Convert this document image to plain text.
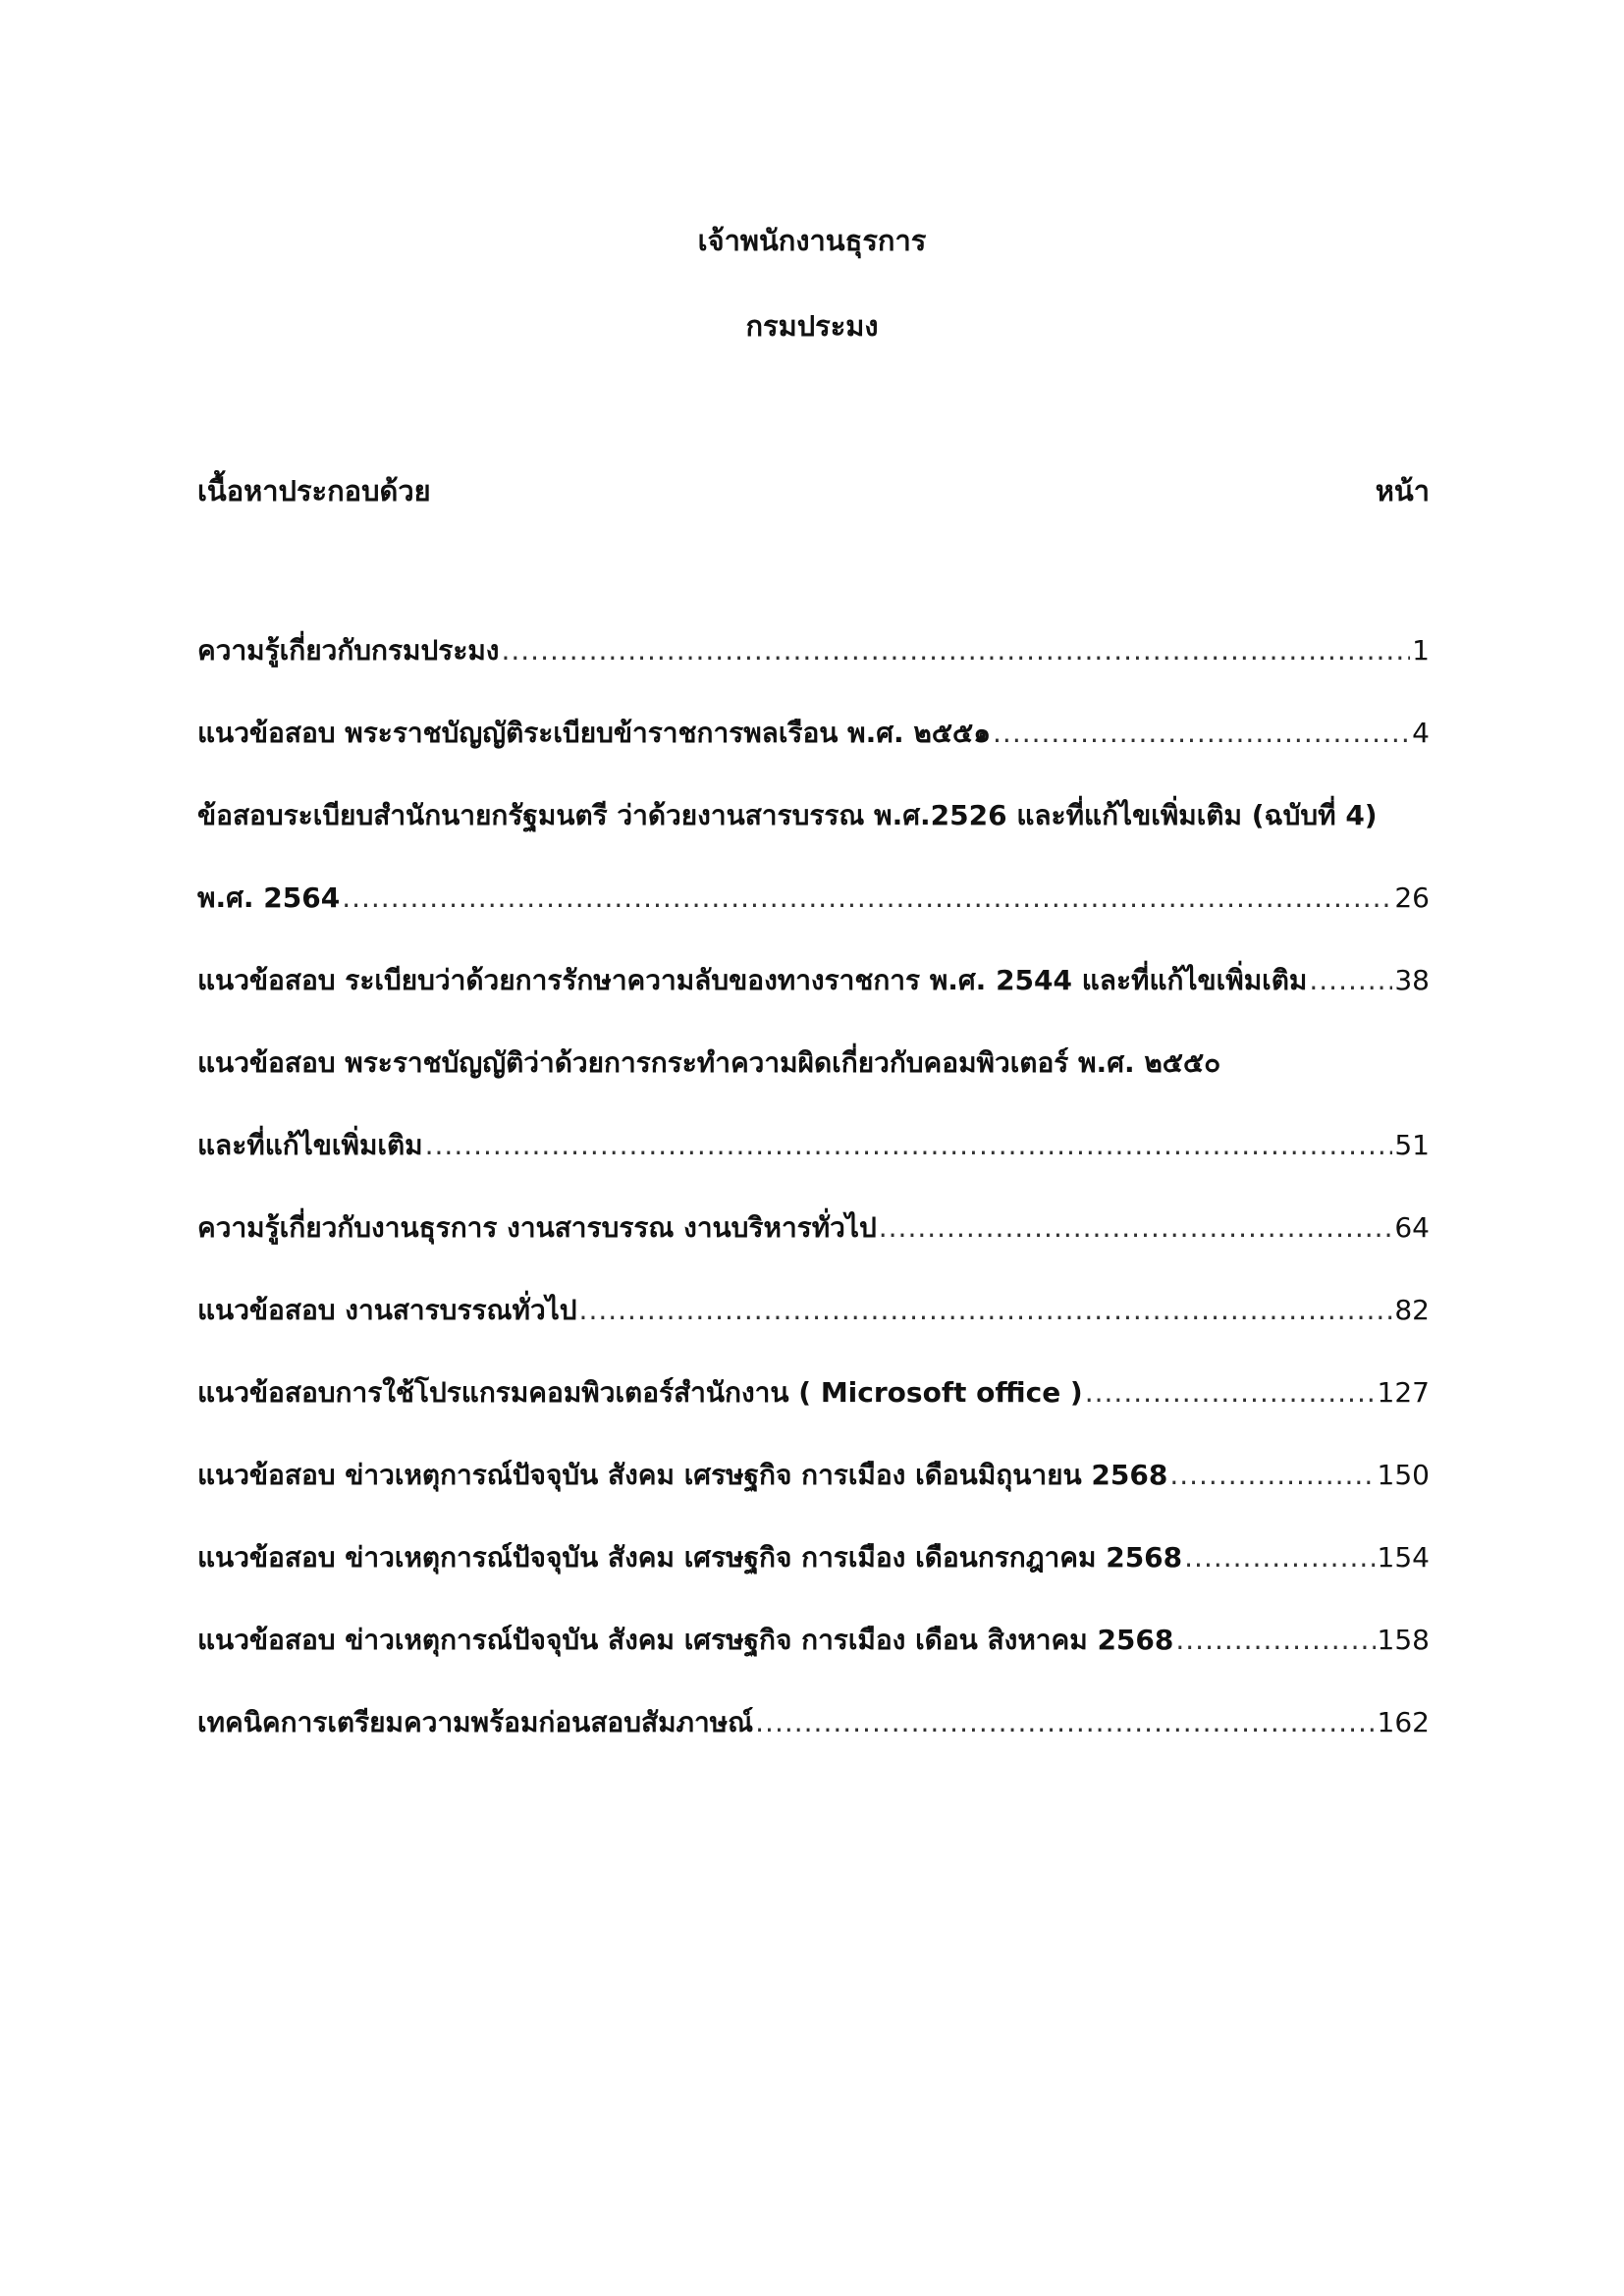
เจ้าพนักงานธุรการ
กรมประมง
เนื้อหาประกอบด้วย	หน้า
ความรู้เกี่ยวกับกรมประมง .....	1
แนวข้อสอบ พระราชบัญญัติระเบียบข้าราชการพลเรือน พ.ศ. ๒๕๕๑ .....	4
ข้อสอบระเบียบสำนักนายกรัฐมนตรี ว่าด้วยงานสารบรรณ พ.ศ.2526 และที่แก้ไขเพิ่มเติม (ฉบับที่ 4)
พ.ศ. 2564 .....	26
แนวข้อสอบ ระเบียบว่าด้วยการรักษาความลับของทางราชการ พ.ศ. 2544 และที่แก้ไขเพิ่มเติม .....	38
แนวข้อสอบ พระราชบัญญัติว่าด้วยการกระทำความผิดเกี่ยวกับคอมพิวเตอร์ พ.ศ. ๒๕๕๐
และที่แก้ไขเพิ่มเติม .....	51
ความรู้เกี่ยวกับงานธุรการ งานสารบรรณ งานบริหารทั่วไป .....	64
แนวข้อสอบ งานสารบรรณทั่วไป .....	82
แนวข้อสอบการใช้โปรแกรมคอมพิวเตอร์สำนักงาน ( Microsoft office ) .....	127
แนวข้อสอบ ข่าวเหตุการณ์ปัจจุบัน สังคม เศรษฐกิจ การเมือง เดือนมิถุนายน 2568 .....	150
แนวข้อสอบ ข่าวเหตุการณ์ปัจจุบัน สังคม เศรษฐกิจ การเมือง เดือนกรกฎาคม 2568 .....	154
แนวข้อสอบ ข่าวเหตุการณ์ปัจจุบัน สังคม เศรษฐกิจ การเมือง เดือน สิงหาคม 2568 .....	158
เทคนิคการเตรียมความพร้อมก่อนสอบสัมภาษณ์ .....	162
